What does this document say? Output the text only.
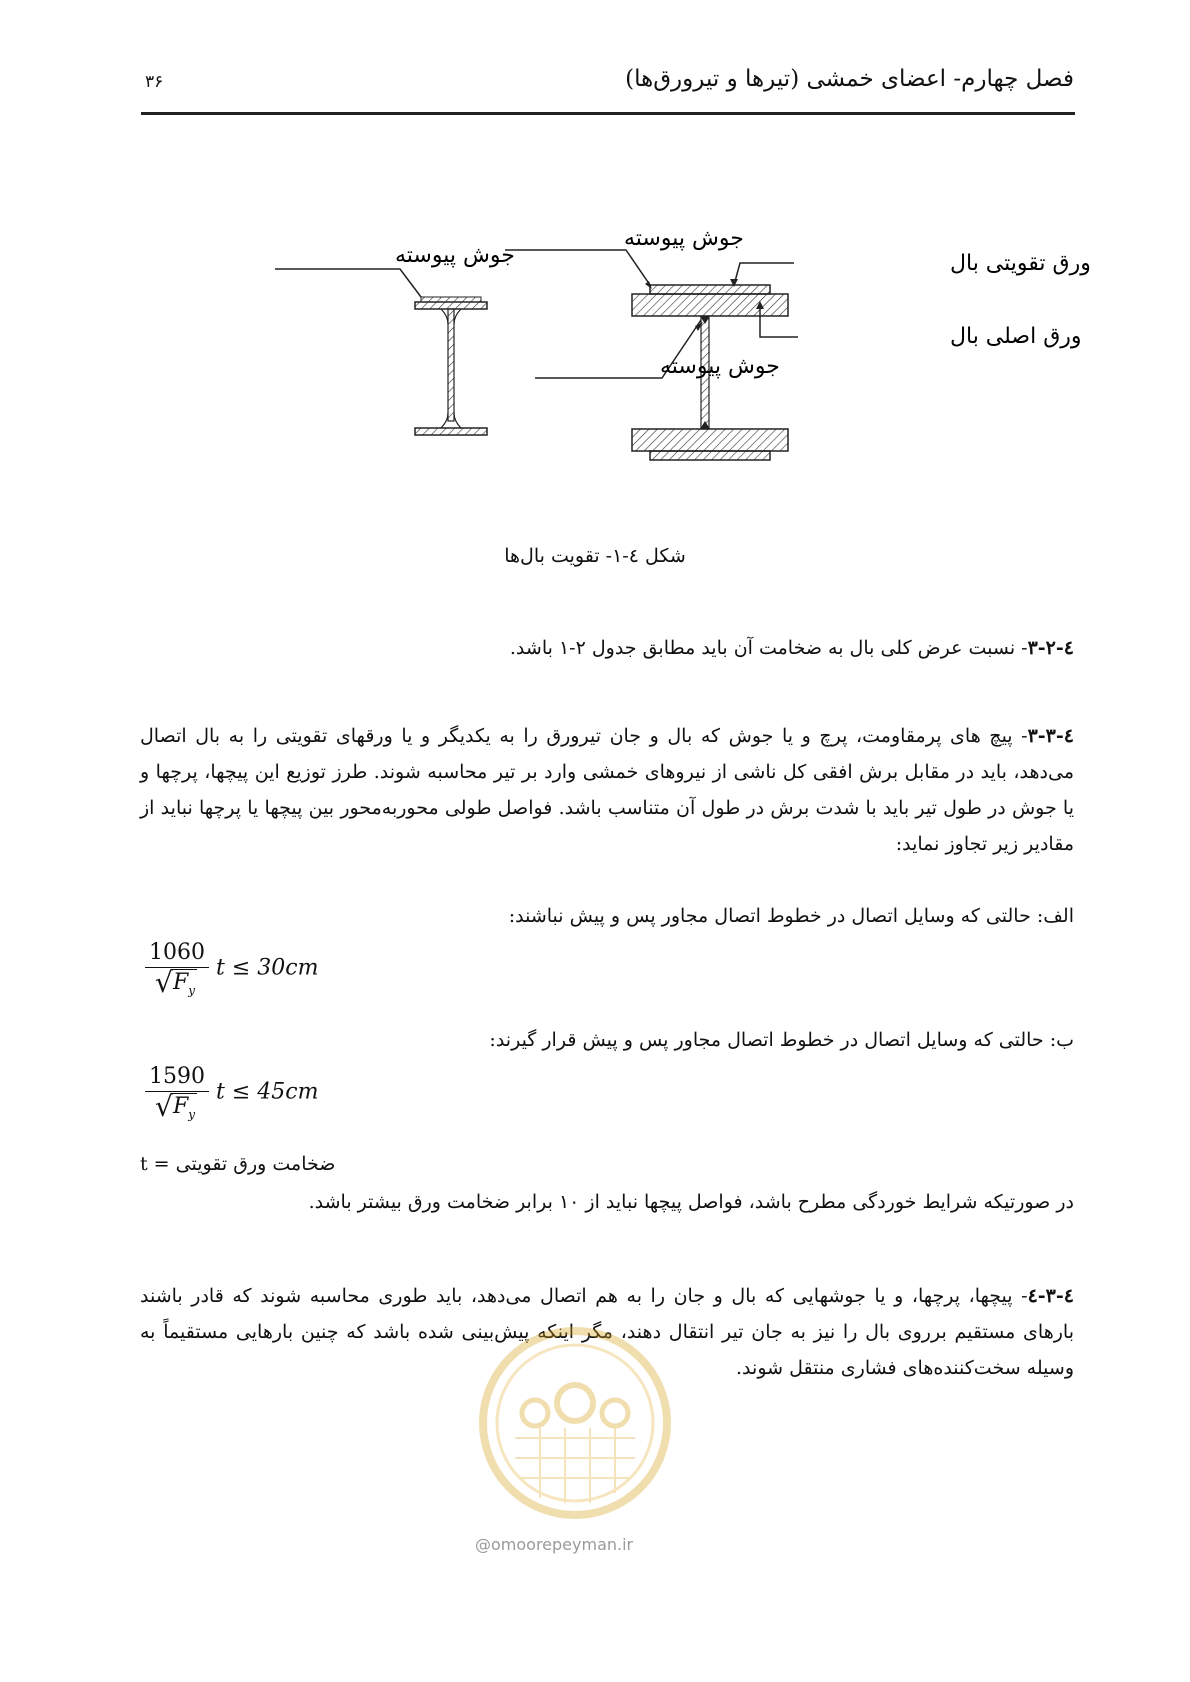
۳۶	فصل چهارم- اعضای خمشی (تیرها و تیرورق‌ها)
جوش پیوسته
جوش پیوسته
جوش پیوسته
ورق تقویتی بال
ورق اصلی بال
شکل ٤-١- تقویت بال‌ها
٤-۳-۲- نسبت عرض کلی بال به ضخامت آن باید مطابق جدول ۲-۱ باشد.
٤-۳-۳- پیچ های پرمقاومت، پرچ و یا جوش که بال و جان تیرورق را به یکدیگر و یا ورقهای تقویتی را به بال اتصال می‌دهد، باید در مقابل برش افقی کل ناشی از نیروهای خمشی وارد بر تیر محاسبه شوند. طرز توزیع این پیچها، پرچها و یا جوش در طول تیر باید با شدت برش در طول آن متناسب باشد. فواصل طولی محوربه‌محور بین پیچها یا پرچها نباید از مقادیر زیر تجاوز نماید:
الف: حالتی که وسایل اتصال در خطوط اتصال مجاور پس و پیش نباشند:
1060
√ $F_y$ t ≤ 30cm
ب: حالتی که وسایل اتصال در خطوط اتصال مجاور پس و پیش قرار گیرند:
1590
√ $F_y$ t ≤ 45cm
t = ضخامت ورق تقویتی
در صورتیکه شرایط خوردگی مطرح باشد، فواصل پیچها نباید از ۱۰ برابر ضخامت ورق بیشتر باشد.
٤-۳-٤- پیچها، پرچها، و یا جوشهایی که بال و جان را به هم اتصال می‌دهد، باید طوری محاسبه شوند که قادر باشند بارهای مستقیم برروی بال را نیز به جان تیر انتقال دهند، مگر اینکه پیش‌بینی شده باشد که چنین بارهایی مستقیماً به وسیله سخت‌کننده‌های فشاری منتقل شوند.
@omoorepeyman.ir
